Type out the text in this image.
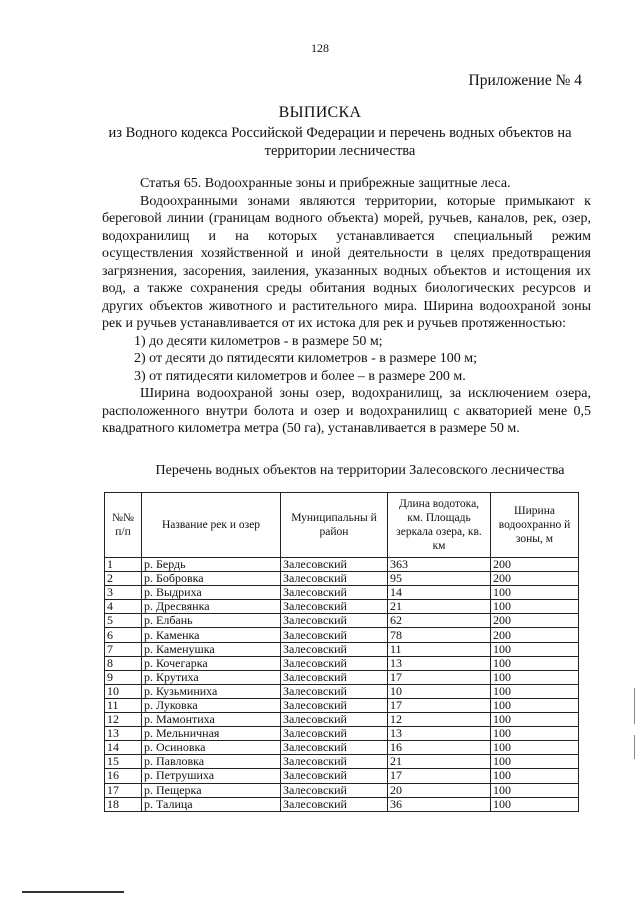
128
Приложение № 4
ВЫПИСКА
из Водного кодекса Российской Федерации и перечень водных объектов на территории лесничества

Статья 65. Водоохранные зоны и прибрежные защитные леса.

Водоохранными зонами являются территории, которые примыкают к береговой линии (границам водного объекта) морей, ручьев, каналов, рек, озер, водохранилищ и на которых устанавливается специальный режим осуществления хозяйственной и иной деятельности в целях предотвращения загрязнения, засорения, заиления, указанных водных объектов и истощения их вод, а также сохранения среды обитания водных биологических ресурсов и других объектов животного и растительного мира. Ширина водоохраной зоны рек и ручьев устанавливается от их истока для рек и ручьев протяженностью:

1) до десяти километров - в размере 50 м;

2) от десяти до пятидесяти километров - в размере 100 м;

3) от пятидесяти километров и более – в размере 200 м.

Ширина водоохраной зоны озер, водохранилищ, за исключением озера, расположенного внутри болота и озер и водохранилищ с акваторией мене 0,5 квадратного километра метра (50 га), устанавливается в размере 50 м.

Перечень водных объектов на территории Залесовского лесничества
№№ п/п	Название рек и озер	Муниципальны й район	Длина водотока, км. Площадь зеркала озера, кв. км	Ширина водоохранно й зоны, м
1	р. Бердь	Залесовский	363	200
2	р. Бобровка	Залесовский	95	200
3	р. Выдриха	Залесовский	14	100
4	р. Дресвянка	Залесовский	21	100
5	р. Елбань	Залесовский	62	200
6	р. Каменка	Залесовский	78	200
7	р. Каменушка	Залесовский	11	100
8	р. Кочегарка	Залесовский	13	100
9	р. Крутиха	Залесовский	17	100
10	р. Кузьминиха	Залесовский	10	100
11	р. Луковка	Залесовский	17	100
12	р. Мамонтиха	Залесовский	12	100
13	р. Мельничная	Залесовский	13	100
14	р. Осиновка	Залесовский	16	100
15	р. Павловка	Залесовский	21	100
16	р. Петрушиха	Залесовский	17	100
17	р. Пещерка	Залесовский	20	100
18	р. Талица	Залесовский	36	100
